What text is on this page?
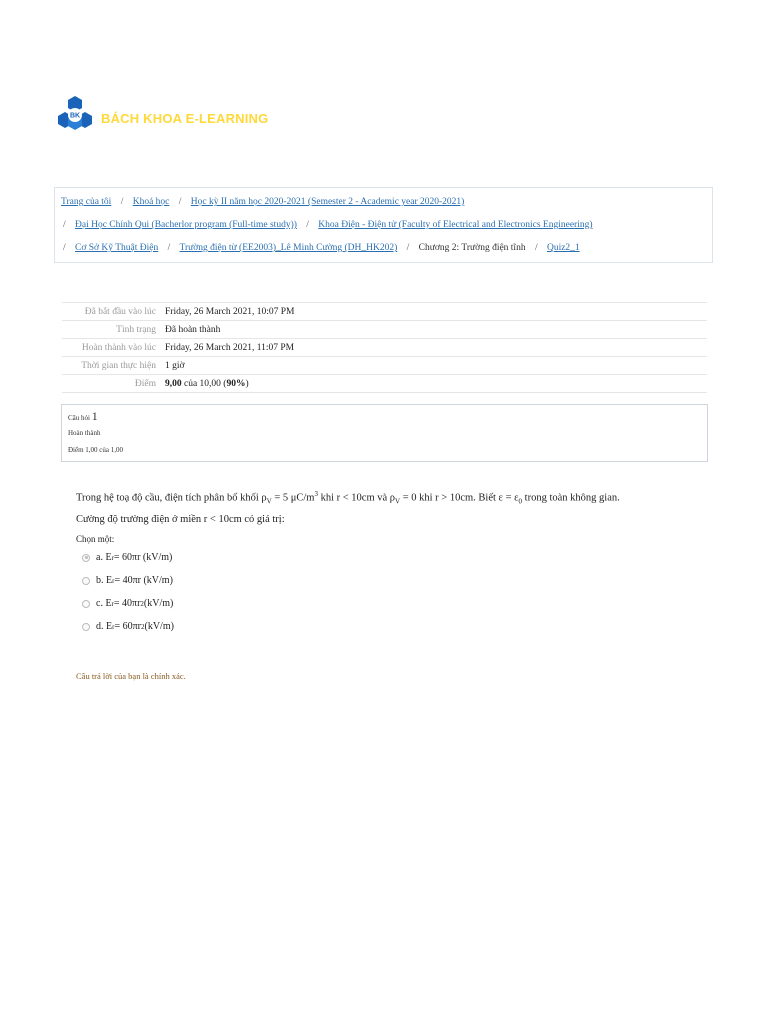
BK BÁCH KHOA E-LEARNING
Trang của tôi / Khoá học / Học kỳ II năm học 2020-2021 (Semester 2 - Academic year 2020-2021)
/ Đại Học Chính Qui (Bacherlor program (Full-time study)) / Khoa Điện - Điện tử (Faculty of Electrical and Electronics Engineering)
/ Cơ Sở Kỹ Thuật Điện / Trường điện từ (EE2003)_Lê Minh Cường (DH_HK202) / Chương 2: Trường điện tĩnh / Quiz2_1
Đã bắt đầu vào lúc	Friday, 26 March 2021, 10:07 PM
Tình trạng	Đã hoàn thành
Hoàn thành vào lúc	Friday, 26 March 2021, 11:07 PM
Thời gian thực hiện	1 giờ
Điểm	9,00 của 10,00 (90%)
Câu hỏi 1
Hoàn thành
Điểm 1,00 của 1,00
Trong hệ toạ độ cầu, điện tích phân bố khối $\rho_V = 5$ $\mu C/m^3$ khi r < 10cm và $\rho_V = 0$ khi r > 10cm. Biết $\varepsilon = \varepsilon_0$ trong toàn không gian.
Cường độ trường điện ở miền r < 10cm có giá trị:
Chọn một:
a. E r = 60πr (kV/m)
b. E r = 40πr (kV/m)
c. E r = 40πr 2 (kV/m)
d. E r = 60πr 2 (kV/m)
Câu trả lời của bạn là chính xác.
